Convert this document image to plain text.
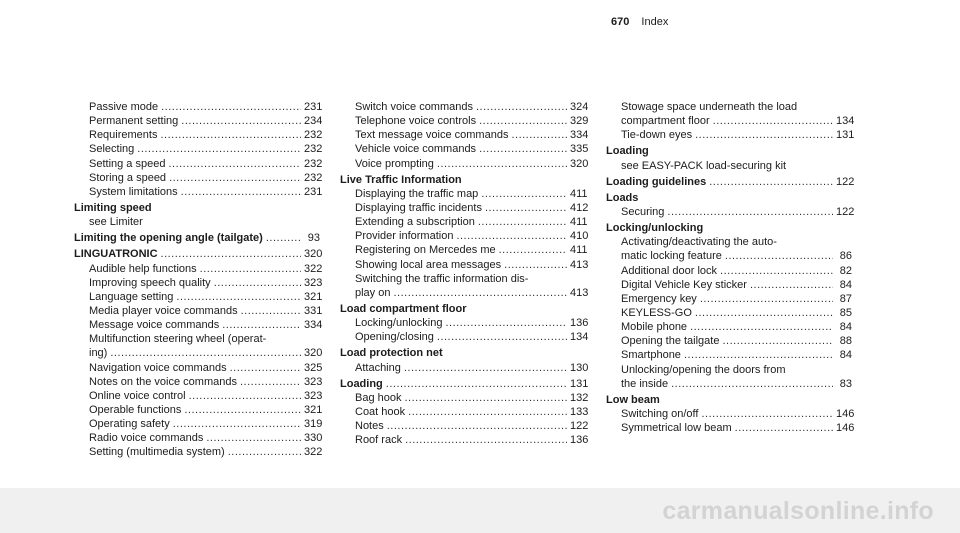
670 Index
Passive mode .....	231
Permanent setting .....	234
Requirements .....	232
Selecting .....	232
Setting a speed .....	232
Storing a speed .....	232
System limitations .....	231
Limiting speed
see Limiter
Limiting the opening angle (tailgate) .....	93
LINGUATRONIC .....	320
Audible help functions .....	322
Improving speech quality .....	323
Language setting .....	321
Media player voice commands .....	331
Message voice commands .....	334
Multifunction steering wheel (operat-
ing) .....	320
Navigation voice commands .....	325
Notes on the voice commands .....	323
Online voice control .....	323
Operable functions .....	321
Operating safety .....	319
Radio voice commands .....	330
Setting (multimedia system) .....	322
Switch voice commands .....	324
Telephone voice controls .....	329
Text message voice commands .....	334
Vehicle voice commands .....	335
Voice prompting .....	320
Live Traffic Information
Displaying the traffic map .....	411
Displaying traffic incidents .....	412
Extending a subscription .....	411
Provider information .....	410
Registering on Mercedes me .....	411
Showing local area messages .....	413
Switching the traffic information dis-
play on .....	413
Load compartment floor
Locking/unlocking .....	136
Opening/closing .....	134
Load protection net
Attaching .....	130
Loading .....	131
Bag hook .....	132
Coat hook .....	133
Notes .....	122
Roof rack .....	136
Stowage space underneath the load
compartment floor .....	134
Tie-down eyes .....	131
Loading
see EASY-PACK load-securing kit
Loading guidelines .....	122
Loads
Securing .....	122
Locking/unlocking
Activating/deactivating the auto-
matic locking feature .....	86
Additional door lock .....	82
Digital Vehicle Key sticker .....	84
Emergency key .....	87
KEYLESS-GO .....	85
Mobile phone .....	84
Opening the tailgate .....	88
Smartphone .....	84
Unlocking/opening the doors from
the inside .....	83
Low beam
Switching on/off .....	146
Symmetrical low beam .....	146
carmanualsonline.info
